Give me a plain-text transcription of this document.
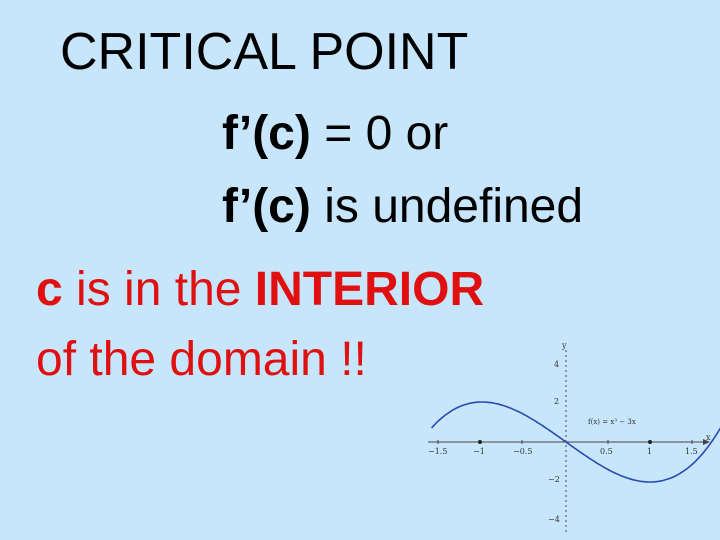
CRITICAL POINT
f’(c) = 0 or
f’(c) is undefined
c is in the INTERIOR
of the domain !!
x
y
−1.5	−1	−0.5	0.5	1	1.5
4
2
−2
−4
f(x) = x³ − 3x
